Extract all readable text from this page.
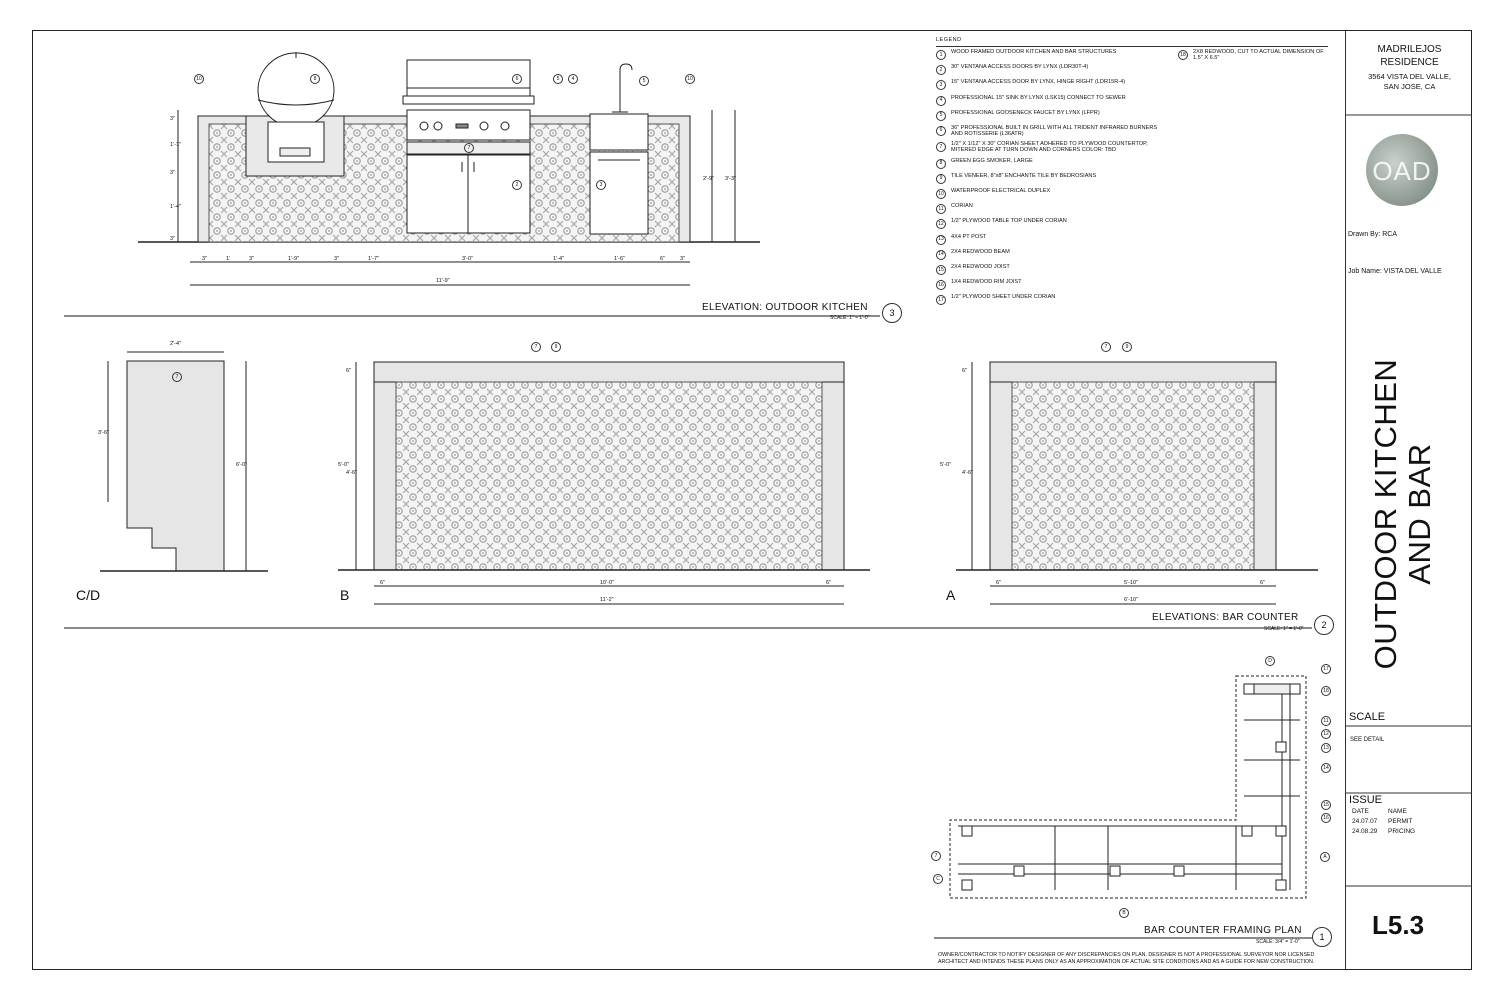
10	8	6	5	4	5	10
7
2	3
7	9	7	9
7
17
18
11
12
13
14
15
16
7
D
C
B
A
3"	1'	3"	1'-9"	3"	1'-7"	3'-0"	1'-4"	1'-6"	6"	3"
11'-9"
3"
1'-1"
3"
1'-4"
3"
2'-9" 3'-3"
2'-4"
3'-6"
6'-0"
6"	10'-0"	6"
11'-2"
6"
4'-6"
5'-0"
6"	5'-10"	6"
6'-10"
6"
4'-6"
5'-0"
LEGEND
1	WOOD FRAMED OUTDOOR KITCHEN AND BAR STRUCTURES
2	30" VENTANA ACCESS DOORS BY LYNX (LDR30T-4)
3	15" VENTANA ACCESS DOOR BY LYNX, HINGE RIGHT (LDR15R-4)
4	PROFESSIONAL 15" SINK BY LYNX (LSK15) CONNECT TO SEWER
5	PROFESSIONAL GOOSENECK FAUCET BY LYNX (LFPR)
6	36" PROFESSIONAL BUILT IN GRILL WITH ALL TRIDENT INFRARED BURNERS AND ROTISSERIE (L36ATR)
7	1/2" X 1/12" X 30" CORIAN SHEET ADHERED TO PLYWOOD COUNTERTOP, MITERED EDGE AT TURN DOWN AND CORNERS COLOR: TBD
8	GREEN EGG SMOKER, LARGE
9	TILE VENEER, 8"x8" ENCHANTE TILE BY BEDROSIANS
10	WATERPROOF ELECTRICAL DUPLEX
11	CORIAN
12	1/2" PLYWOOD TABLE TOP UNDER CORIAN
13	4X4 PT POST
14	2X4 REDWOOD BEAM
15	2X4 REDWOOD JOIST
16	1X4 REDWOOD RIM JOIST
17	1/2" PLYWOOD SHEET UNDER CORIAN
18	2X8 REDWOOD, CUT TO ACTUAL DIMENSION OF 1.5" X 6.5"
ELEVATION: OUTDOOR KITCHEN
SCALE: 1" = 1'-0"
3
ELEVATIONS: BAR COUNTER
SCALE: 1" = 1'-0"	2
BAR COUNTER FRAMING PLAN
SCALE: 3/4" = 1'-0"
1
C/D	B	A
OWNER/CONTRACTOR TO NOTIFY DESIGNER OF ANY DISCREPANCIES ON PLAN. DESIGNER IS NOT A PROFESSIONAL SURVEYOR NOR LICENSED ARCHITECT AND INTENDS THESE PLANS ONLY AS AN APPROXIMATION OF ACTUAL SITE CONDITIONS AND AS A GUIDE FOR NEW CONSTRUCTION.
MADRILEJOS
RESIDENCE
3564 VISTA DEL VALLE,
SAN JOSE, CA
OAD
Drawn By: RCA
Job Name: VISTA DEL VALLE
SCALE
SEE DETAIL
ISSUE
DATE	NAME
24.07.07 PERMIT
24.08.29 PRICING
L5.3
OUTDOOR KITCHEN
AND BAR
